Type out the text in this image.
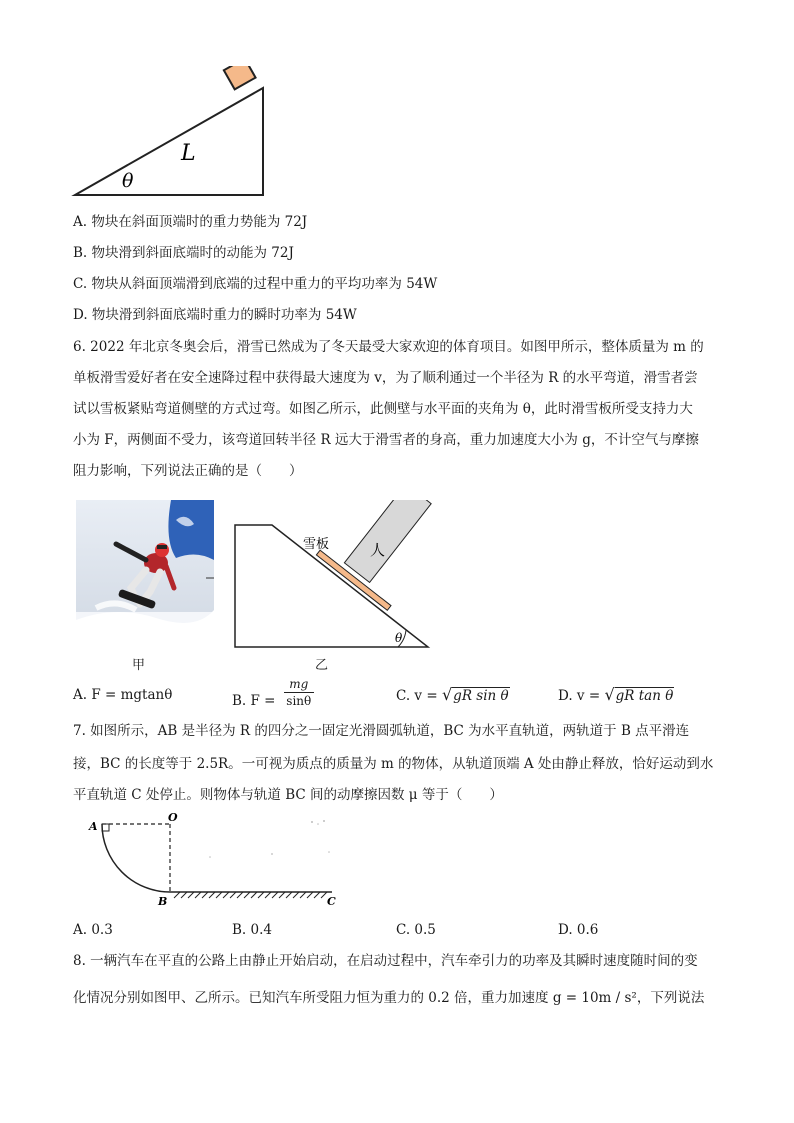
L
θ
A. 物块在斜面顶端时的重力势能为 72J
B. 物块滑到斜面底端时的动能为 72J
C. 物块从斜面顶端滑到底端的过程中重力的平均功率为 54W
D. 物块滑到斜面底端时重力的瞬时功率为 54W
6. 2022 年北京冬奥会后，滑雪已然成为了冬天最受大家欢迎的体育项目。如图甲所示，整体质量为 m 的
单板滑雪爱好者在安全速降过程中获得最大速度为 v，为了顺利通过一个半径为 R 的水平弯道，滑雪者尝
试以雪板紧贴弯道侧壁的方式过弯。如图乙所示，此侧壁与水平面的夹角为 θ，此时滑雪板所受支持力大
小为 F，两侧面不受力，该弯道回转半径 R 远大于滑雪者的身高，重力加速度大小为 g，不计空气与摩擦
阻力影响，下列说法正确的是（　　）
甲
雪板	人
θ
乙
A. F = mgtanθ	B. $F = \frac{mg}{\sin\theta}$	C. v = √gR sin θ	D. v = √gR tan θ
7. 如图所示，AB 是半径为 R 的四分之一固定光滑圆弧轨道，BC 为水平直轨道，两轨道于 B 点平滑连
接，BC 的长度等于 2.5R。一可视为质点的质量为 m 的物体，从轨道顶端 A 处由静止释放，恰好运动到水
平直轨道 C 处停止。则物体与轨道 BC 间的动摩擦因数 μ 等于（　　）
A
O
B	C
A. 0.3	B. 0.4	C. 0.5	D. 0.6
8. 一辆汽车在平直的公路上由静止开始启动，在启动过程中，汽车牵引力的功率及其瞬时速度随时间的变
化情况分别如图甲、乙所示。已知汽车所受阻力恒为重力的 0.2 倍，重力加速度 g = 10m / s²，下列说法
